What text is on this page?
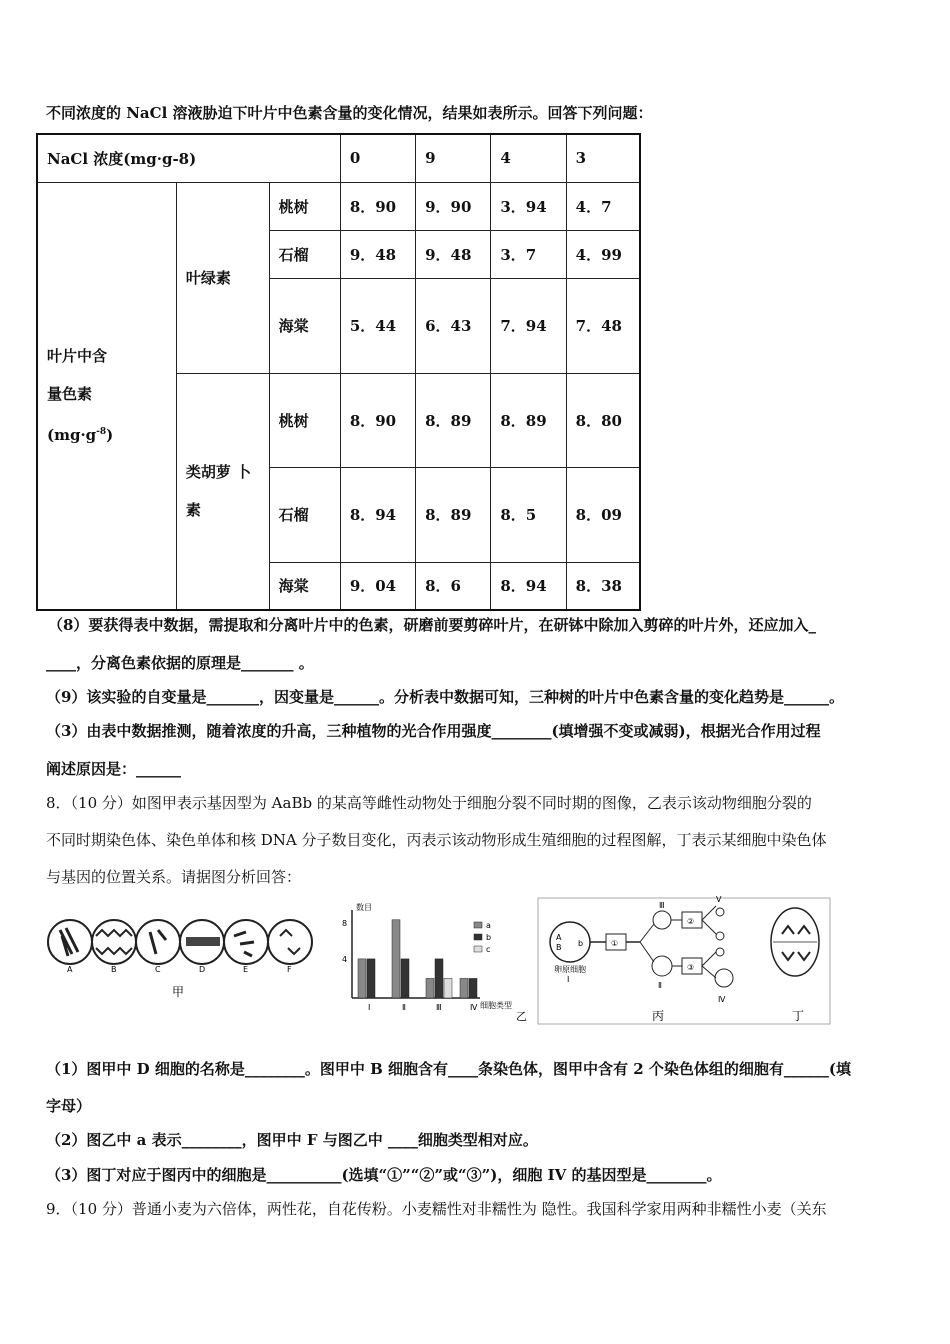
不同浓度的 NaCl 溶液胁迫下叶片中色素含量的变化情况，结果如表所示。回答下列问题：
NaCl 浓度(mg·g-8)			0	9	4	3

叶片中含
量色素
$(mg\cdot g^{-8})$	叶绿素	桃树	8．90	9．90	3．94	4．7
		石榴	9．48	9．48	3．7	4．99
		海棠	5．44	6．43	7．94	7．48

	类胡萝 卜
素	桃树	8．90	8．89	8．89	8．80
		石榴	8．94	8．89	8．5	8．09
		海棠	9．04	8．6	8．94	8．38
（8）要获得表中数据，需提取和分离叶片中的色素，研磨前要剪碎叶片，在研钵中除加入剪碎的叶片外，还应加入_
____，分离色素依据的原理是_______ 。
（9）该实验的自变量是_______，因变量是______。分析表中数据可知，三种树的叶片中色素含量的变化趋势是______。
（3）由表中数据推测，随着浓度的升高，三种植物的光合作用强度________(填增强不变或减弱)，根据光合作用过程
阐述原因是：______
8．（10 分）如图甲表示基因型为 AaBb 的某高等雌性动物处于细胞分裂不同时期的图像，乙表示该动物细胞分裂的
不同时期染色体、染色单体和核 DNA 分子数目变化，丙表示该动物形成生殖细胞的过程图解，丁表示某细胞中染色体
与基因的位置关系。请据图分析回答：
A	B	C	D	E	F
甲
数目
8
4
Ⅰ	Ⅱ	Ⅲ	Ⅳ 细胞类型
a
b
c
乙
A
B b
卵原细胞
Ⅰ
①
Ⅲ
Ⅱ
②
③
Ⅴ
Ⅳ
丙	丁
（1）图甲中 D 细胞的名称是________。图甲中 B 细胞含有____条染色体，图甲中含有 2 个染色体组的细胞有______(填
字母）
（2）图乙中 a 表示________，图甲中 F 与图乙中 ____细胞类型相对应。
（3）图丁对应于图丙中的细胞是__________(选填“①”“②”或“③”)，细胞 IV 的基因型是________。
9．（10 分）普通小麦为六倍体，两性花，自花传粉。小麦糯性对非糯性为 隐性。我国科学家用两种非糯性小麦（关东
